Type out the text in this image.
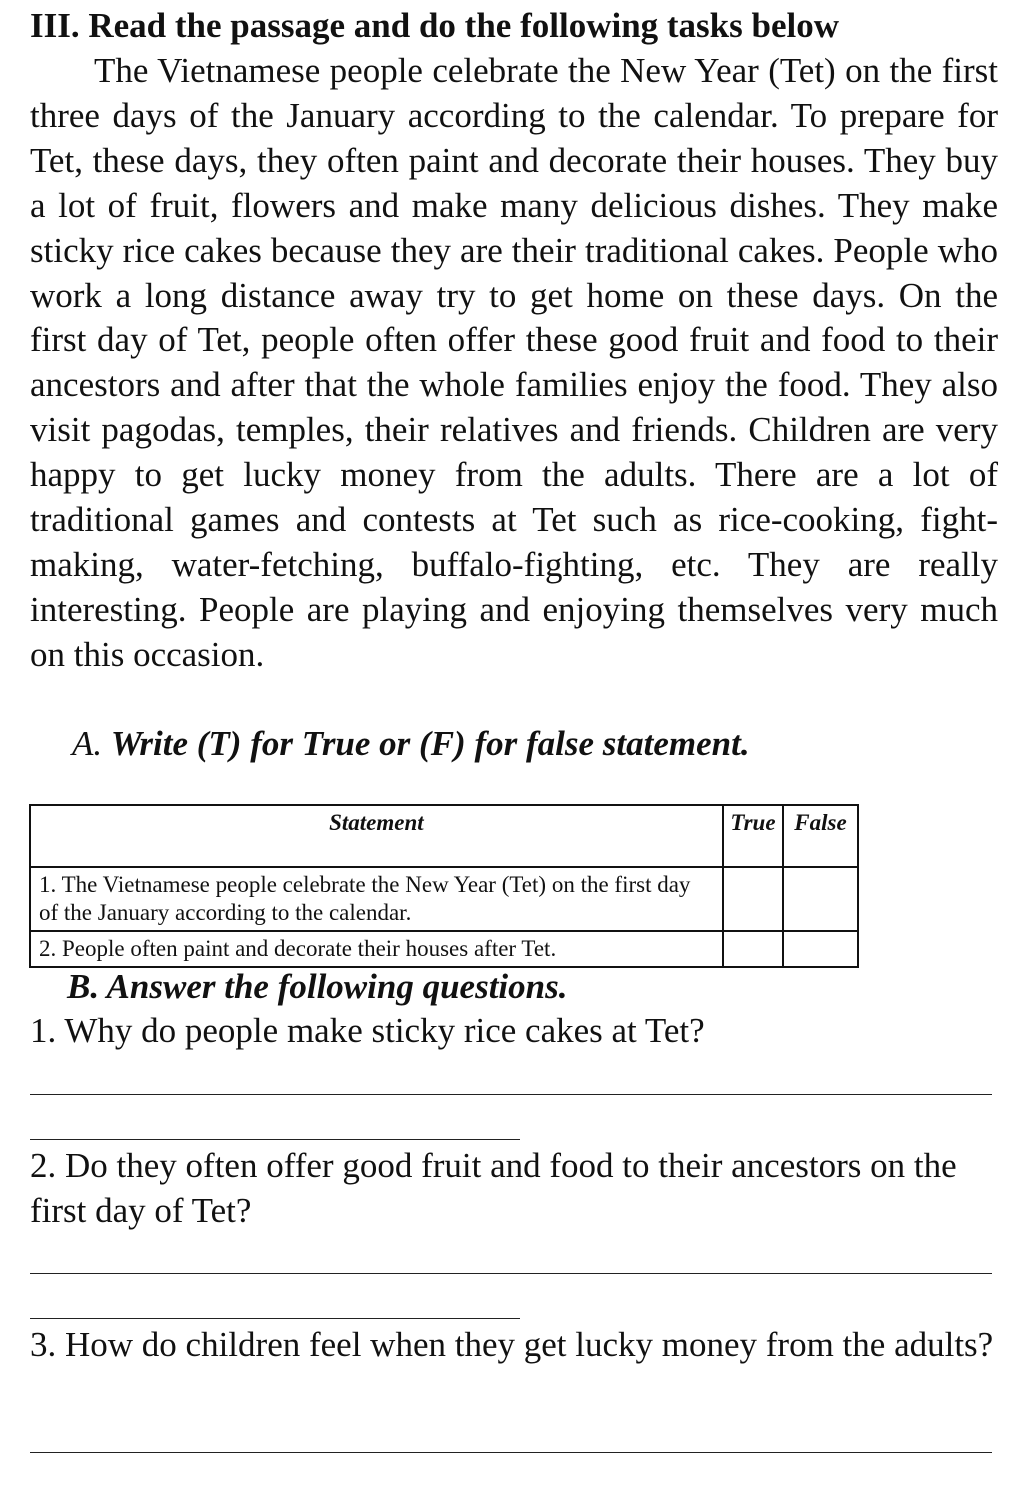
III. Read the passage and do the following tasks below

The Vietnamese people celebrate the New Year (Tet) on the first three days of the January according to the calendar. To prepare for Tet, these days, they often paint and decorate their houses. They buy a lot of fruit, flowers and make many delicious dishes. They make sticky rice cakes because they are their traditional cakes. People who work a long distance away try to get home on these days. On the first day of Tet, people often offer these good fruit and food to their ancestors and after that the whole families enjoy the food. They also visit pagodas, temples, their relatives and friends. Children are very happy to get lucky money from the adults. There are a lot of traditional games and contests at Tet such as rice-cooking, fight-making, water-fetching, buffalo-fighting, etc. They are really interesting. People are playing and enjoying themselves very much on this occasion.

A. Write (T) for True or (F) for false statement.

Statement	True	False
1. The Vietnamese people celebrate the New Year (Tet) on the first day of the January according to the calendar.		
2. People often paint and decorate their houses after Tet.		

B. Answer the following questions.

1. Why do people make sticky rice cakes at Tet?

2. Do they often offer good fruit and food to their ancestors on the first day of Tet?

3. How do children feel when they get lucky money from the adults?
